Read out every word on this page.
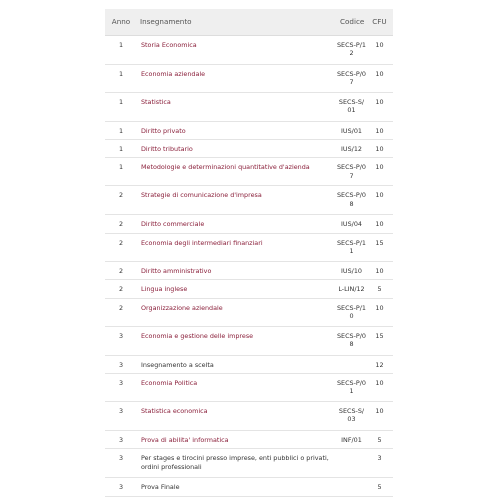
Anno	Insegnamento	Codice	CFU
1	Storia Economica	SECS-P/12	10
1	Economia aziendale	SECS-P/07	10
1	Statistica	SECS-S/01	10
1	Diritto privato	IUS/01	10
1	Diritto tributario	IUS/12	10
1	Metodologie e determinazioni quantitative d'azienda	SECS-P/07	10
2	Strategie di comunicazione d'impresa	SECS-P/08	10
2	Diritto commerciale	IUS/04	10
2	Economia degli intermediari finanziari	SECS-P/11	15
2	Diritto amministrativo	IUS/10	10
2	Lingua inglese	L-LIN/12	5
2	Organizzazione aziendale	SECS-P/10	10
3	Economia e gestione delle imprese	SECS-P/08	15
3	Insegnamento a scelta		12
3	Economia Politica	SECS-P/01	10
3	Statistica economica	SECS-S/03	10
3	Prova di abilita' informatica	INF/01	5
3	Per stages e tirocini presso imprese, enti pubblici o privati, ordini professionali		3
3	Prova Finale		5
